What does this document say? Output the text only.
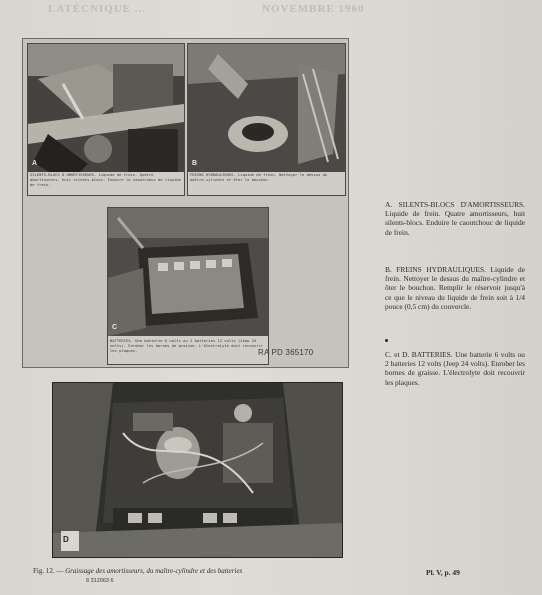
LATÉCNIQUE ...	NOVEMBRE 1960
A
SILENTS-BLOCS D'AMORTISSEURS. Liquide de frein. Quatre amortisseurs, huit silents-blocs. Enduire le caoutchouc de liquide de frein.
B
FREINS HYDRAULIQUES. Liquide de frein. Nettoyer le dessus du maître-cylindre et ôter le bouchon.
C
BATTERIES. Une batterie 6 volts ou 2 batteries 12 volts (Jeep 24 volts). Enrober les bornes de graisse. L'électrolyte doit recouvrir les plaques.	RA PD 365170
D
Fig. 12. — Graissage des amortisseurs, du maître-cylindre et des batteries
8 312063 6
A. SILENTS-BLOCS D'AMORTISSEURS. Liquide de frein. Quatre amortisseurs, huit silents-blocs. Enduire le caoutchouc de liquide de frein.
B. FREINS HYDRAULIQUES. Liquide de frein. Nettoyer le dessus du maître-cylindre et ôter le bouchon. Remplir le réservoir jusqu'à ce que le niveau du liquide de frein soit à 1/4 pouce (0,5 cm) du couvercle.
C. et D. BATTERIES. Une batterie 6 volts ou 2 batteries 12 volts (Jeep 24 volts). Enrober les bornes de graisse. L'électrolyte doit recouvrir les plaques.
Pl. V, p. 49
